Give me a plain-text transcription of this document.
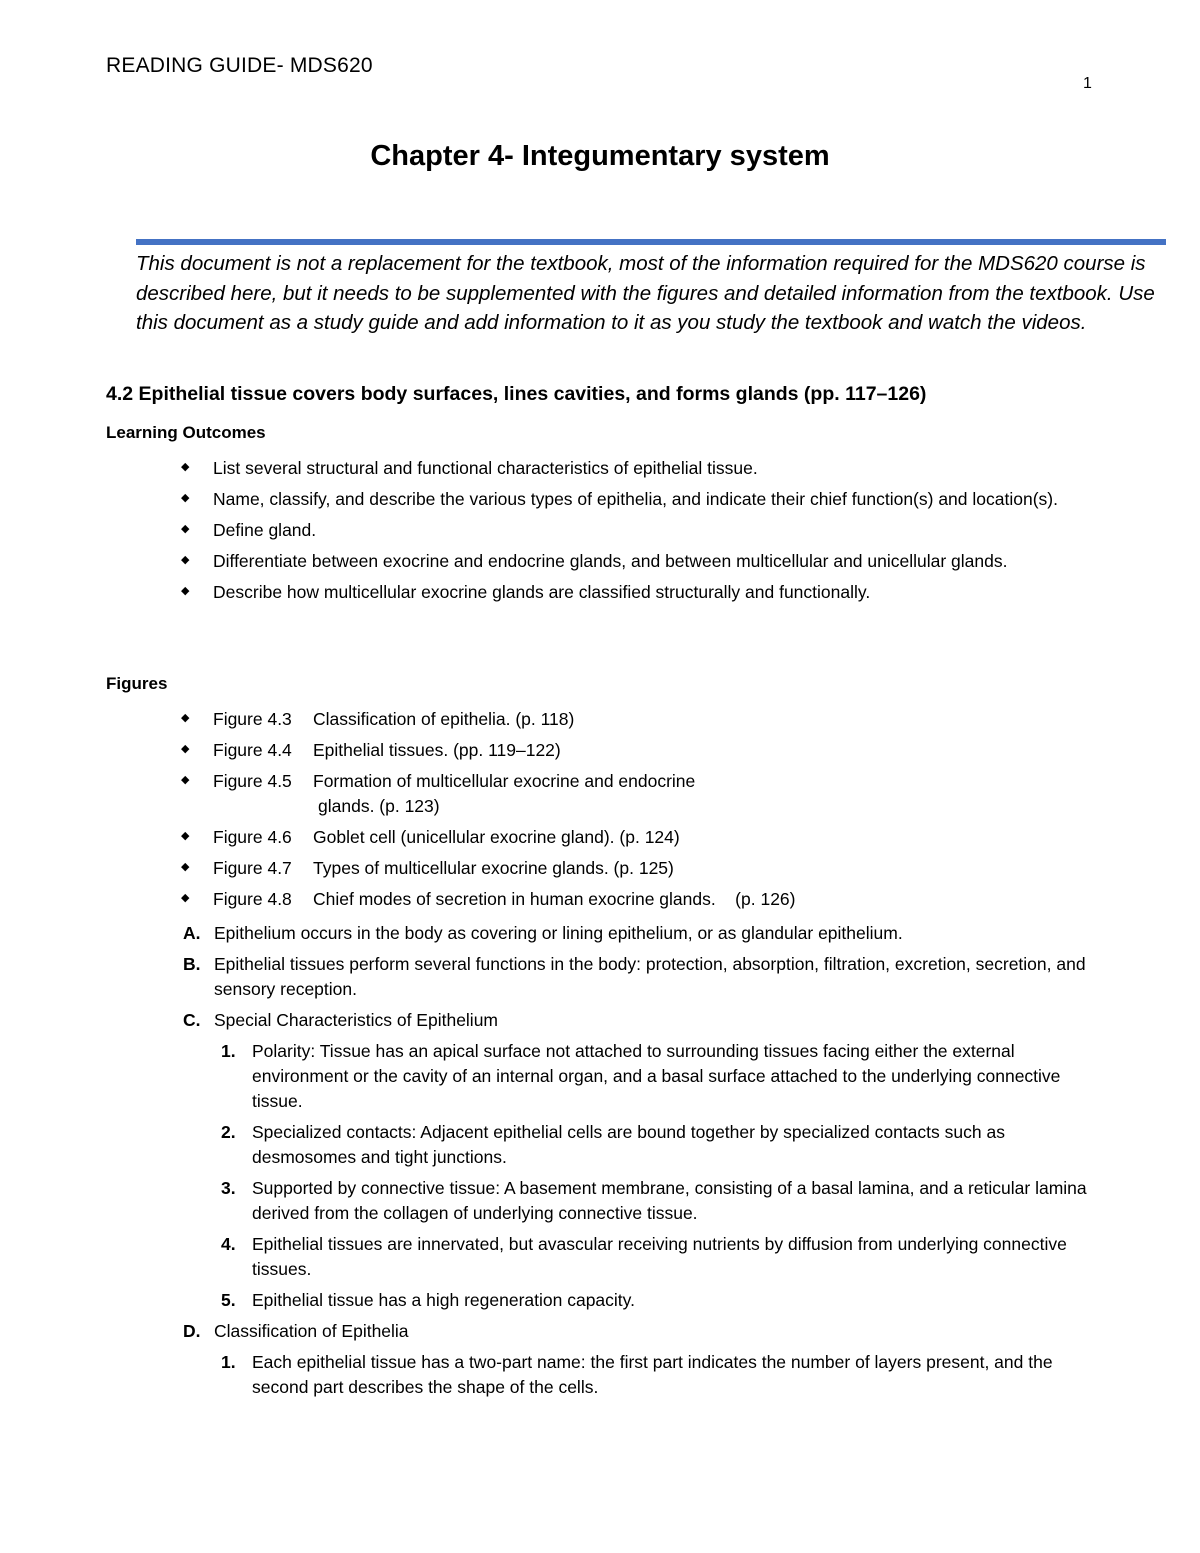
READING GUIDE- MDS620
1
Chapter 4- Integumentary system

This document is not a replacement for the textbook, most of the information required for the MDS620 course is described here, but it needs to be supplemented with the figures and detailed information from the textbook. Use this document as a study guide and add information to it as you study the textbook and watch the videos.

4.2 Epithelial tissue covers body surfaces, lines cavities, and forms glands (pp. 117–126)

Learning Outcomes

◆ List several structural and functional characteristics of epithelial tissue.
◆ Name, classify, and describe the various types of epithelia, and indicate their chief function(s) and location(s).
◆ Define gland.
◆ Differentiate between exocrine and endocrine glands, and between multicellular and unicellular glands.
◆ Describe how multicellular exocrine glands are classified structurally and functionally.

Figures

◆ Figure 4.3 Classification of epithelia. (p. 118)
◆ Figure 4.4 Epithelial tissues. (pp. 119–122)
◆ Figure 4.5 Formation of multicellular exocrine and endocrine
glands. (p. 123)
◆ Figure 4.6 Goblet cell (unicellular exocrine gland). (p. 124)
◆ Figure 4.7 Types of multicellular exocrine glands. (p. 125)
◆ Figure 4.8 Chief modes of secretion in human exocrine glands.    (p. 126)
A. Epithelium occurs in the body as covering or lining epithelium, or as glandular epithelium.
B. Epithelial tissues perform several functions in the body: protection, absorption, filtration, excretion, secretion, and sensory reception.
C. Special Characteristics of Epithelium
1. Polarity: Tissue has an apical surface not attached to surrounding tissues facing either the external environment or the cavity of an internal organ, and a basal surface attached to the underlying connective tissue.
2. Specialized contacts: Adjacent epithelial cells are bound together by specialized contacts such as desmosomes and tight junctions.
3. Supported by connective tissue: A basement membrane, consisting of a basal lamina, and a reticular lamina derived from the collagen of underlying connective tissue.
4. Epithelial tissues are innervated, but avascular receiving nutrients by diffusion from underlying connective tissues.
5. Epithelial tissue has a high regeneration capacity.
D. Classification of Epithelia
1. Each epithelial tissue has a two-part name: the first part indicates the number of layers present, and the second part describes the shape of the cells.
